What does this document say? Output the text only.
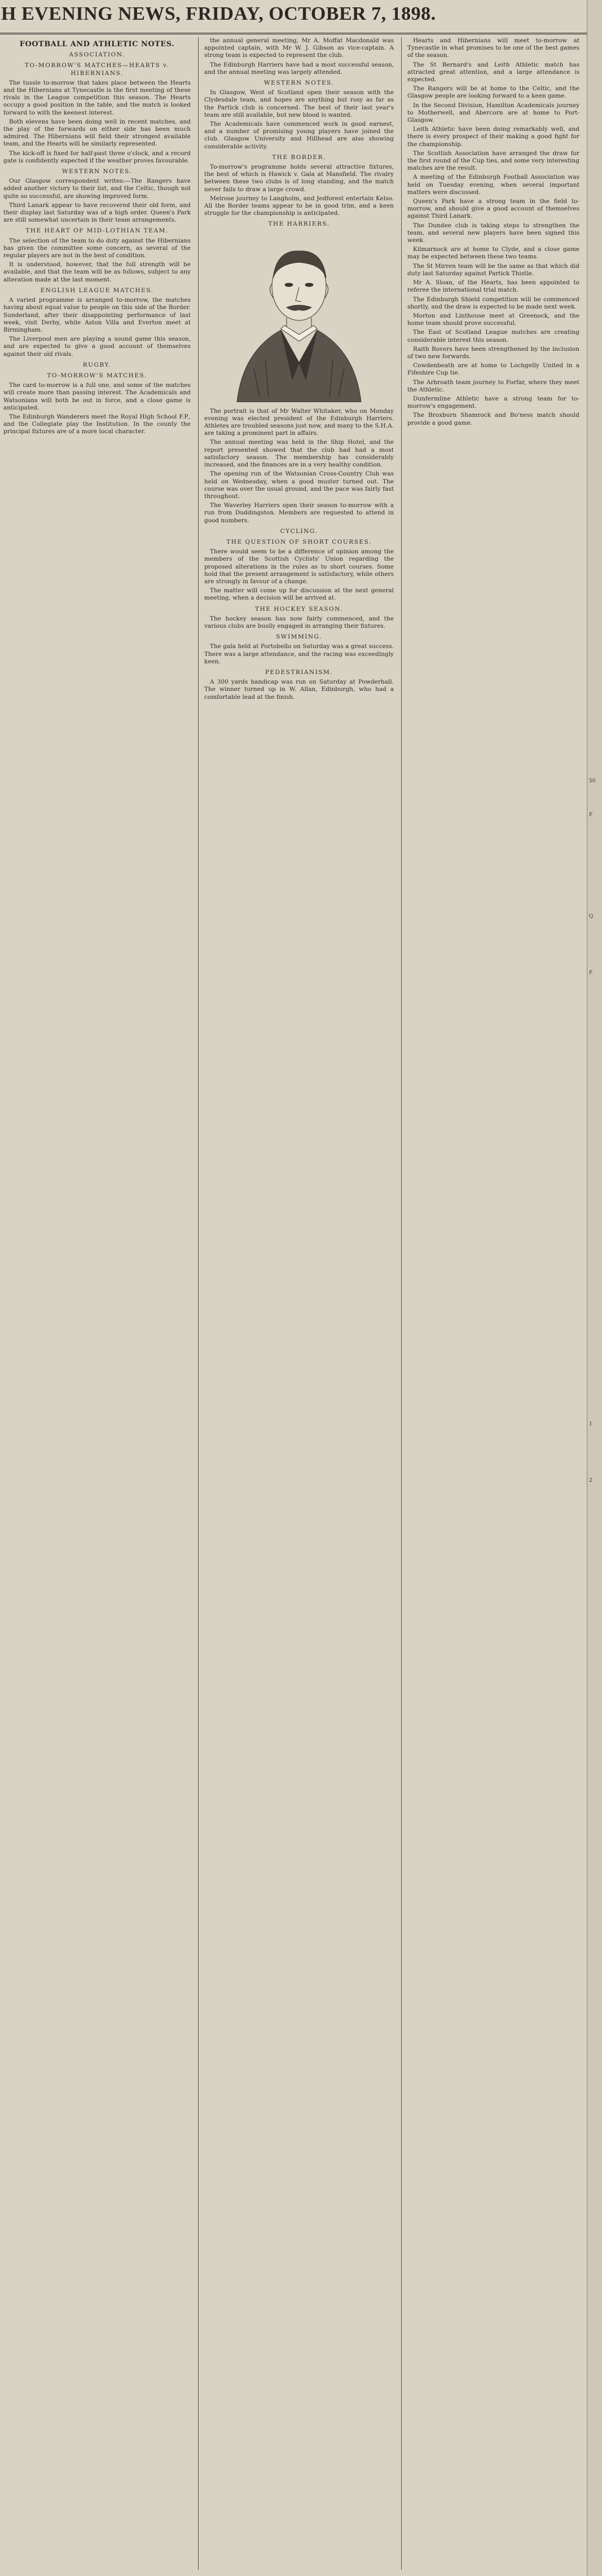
H EVENING NEWS, FRIDAY, OCTOBER 7, 1898.
FOOTBALL AND ATHLETIC NOTES.
ASSOCIATION.
TO-MORROW'S MATCHES—HEARTS v. HIBERNIANS.

The tussle to-morrow that takes place between the Hearts and the Hibernians at Tynecastle is the first meeting of these rivals in the League competition this season. The Hearts occupy a good position in the table, and the match is looked forward to with the keenest interest.

Both elevens have been doing well in recent matches, and the play of the forwards on either side has been much admired. The Hibernians will field their strongest available team, and the Hearts will be similarly represented.

The kick-off is fixed for half-past three o'clock, and a record gate is confidently expected if the weather proves favourable.

WESTERN NOTES.

Our Glasgow correspondent writes:—The Rangers have added another victory to their list, and the Celtic, though not quite so successful, are showing improved form.

Third Lanark appear to have recovered their old form, and their display last Saturday was of a high order. Queen's Park are still somewhat uncertain in their team arrangements.

THE HEART OF MID-LOTHIAN TEAM.

The selection of the team to do duty against the Hibernians has given the committee some concern, as several of the regular players are not in the best of condition.

It is understood, however, that the full strength will be available, and that the team will be as follows, subject to any alteration made at the last moment.

ENGLISH LEAGUE MATCHES.

A varied programme is arranged to-morrow, the matches having about equal value to people on this side of the Border. Sunderland, after their disappointing performance of last week, visit Derby, while Aston Villa and Everton meet at Birmingham.

The Liverpool men are playing a sound game this season, and are expected to give a good account of themselves against their old rivals.

RUGBY.
TO-MORROW'S MATCHES.

The card to-morrow is a full one, and some of the matches will create more than passing interest. The Academicals and Watsonians will both be out in force, and a close game is anticipated.

The Edinburgh Wanderers meet the Royal High School F.P., and the Collegiate play the Institution. In the county the principal fixtures are of a more local character.

the annual general meeting, Mr A. Moffat Macdonald was appointed captain, with Mr W. J. Gibson as vice-captain. A strong team is expected to represent the club.

The Edinburgh Harriers have had a most successful season, and the annual meeting was largely attended.

WESTERN NOTES.

In Glasgow, West of Scotland open their season with the Clydesdale team, and hopes are anything but rosy as far as the Partick club is concerned. The best of their last year's team are still available, but new blood is wanted.

The Academicals have commenced work in good earnest, and a number of promising young players have joined the club. Glasgow University and Hillhead are also showing considerable activity.

THE BORDER.

To-morrow's programme holds several attractive fixtures, the best of which is Hawick v. Gala at Mansfield. The rivalry between these two clubs is of long standing, and the match never fails to draw a large crowd.

Melrose journey to Langholm, and Jedforest entertain Kelso. All the Border teams appear to be in good trim, and a keen struggle for the championship is anticipated.

THE HARRIERS.

The portrait is that of Mr Walter Whitaker, who on Monday evening was elected president of the Edinburgh Harriers. Athletes are troubled seasons just now, and many to the S.H.A. are taking a prominent part in affairs.

The annual meeting was held in the Ship Hotel, and the report presented showed that the club had had a most satisfactory season. The membership has considerably increased, and the finances are in a very healthy condition.

The opening run of the Watsonian Cross-Country Club was held on Wednesday, when a good muster turned out. The course was over the usual ground, and the pace was fairly fast throughout.

The Waverley Harriers open their season to-morrow with a run from Duddingston. Members are requested to attend in good numbers.

CYCLING.
THE QUESTION OF SHORT COURSES.

There would seem to be a difference of opinion among the members of the Scottish Cyclists' Union regarding the proposed alterations in the rules as to short courses. Some hold that the present arrangement is satisfactory, while others are strongly in favour of a change.

The matter will come up for discussion at the next general meeting, when a decision will be arrived at.

THE HOCKEY SEASON.

The hockey season has now fairly commenced, and the various clubs are busily engaged in arranging their fixtures.

SWIMMING.

The gala held at Portobello on Saturday was a great success. There was a large attendance, and the racing was exceedingly keen.

PEDESTRIANISM.

A 300 yards handicap was run on Saturday at Powderhall. The winner turned up in W. Allan, Edinburgh, who had a comfortable lead at the finish.

Hearts and Hibernians will meet to-morrow at Tynecastle in what promises to be one of the best games of the season.

The St Bernard's and Leith Athletic match has attracted great attention, and a large attendance is expected.

The Rangers will be at home to the Celtic, and the Glasgow people are looking forward to a keen game.

In the Second Division, Hamilton Academicals journey to Motherwell, and Abercorn are at home to Port-Glasgow.

Leith Athletic have been doing remarkably well, and there is every prospect of their making a good fight for the championship.

The Scottish Association have arranged the draw for the first round of the Cup ties, and some very interesting matches are the result.

A meeting of the Edinburgh Football Association was held on Tuesday evening, when several important matters were discussed.

Queen's Park have a strong team in the field to-morrow, and should give a good account of themselves against Third Lanark.

The Dundee club is taking steps to strengthen the team, and several new players have been signed this week.

Kilmarnock are at home to Clyde, and a close game may be expected between these two teams.

The St Mirren team will be the same as that which did duty last Saturday against Partick Thistle.

Mr A. Sloan, of the Hearts, has been appointed to referee the international trial match.

The Edinburgh Shield competition will be commenced shortly, and the draw is expected to be made next week.

Morton and Linthouse meet at Greenock, and the home team should prove successful.

The East of Scotland League matches are creating considerable interest this season.

Raith Rovers have been strengthened by the inclusion of two new forwards.

Cowdenbeath are at home to Lochgelly United in a Fifeshire Cup tie.

The Arbroath team journey to Forfar, where they meet the Athletic.

Dunfermline Athletic have a strong team for to-morrow's engagement.

The Broxburn Shamrock and Bo'ness match should provide a good game.

50
F
Q
F
1
2
